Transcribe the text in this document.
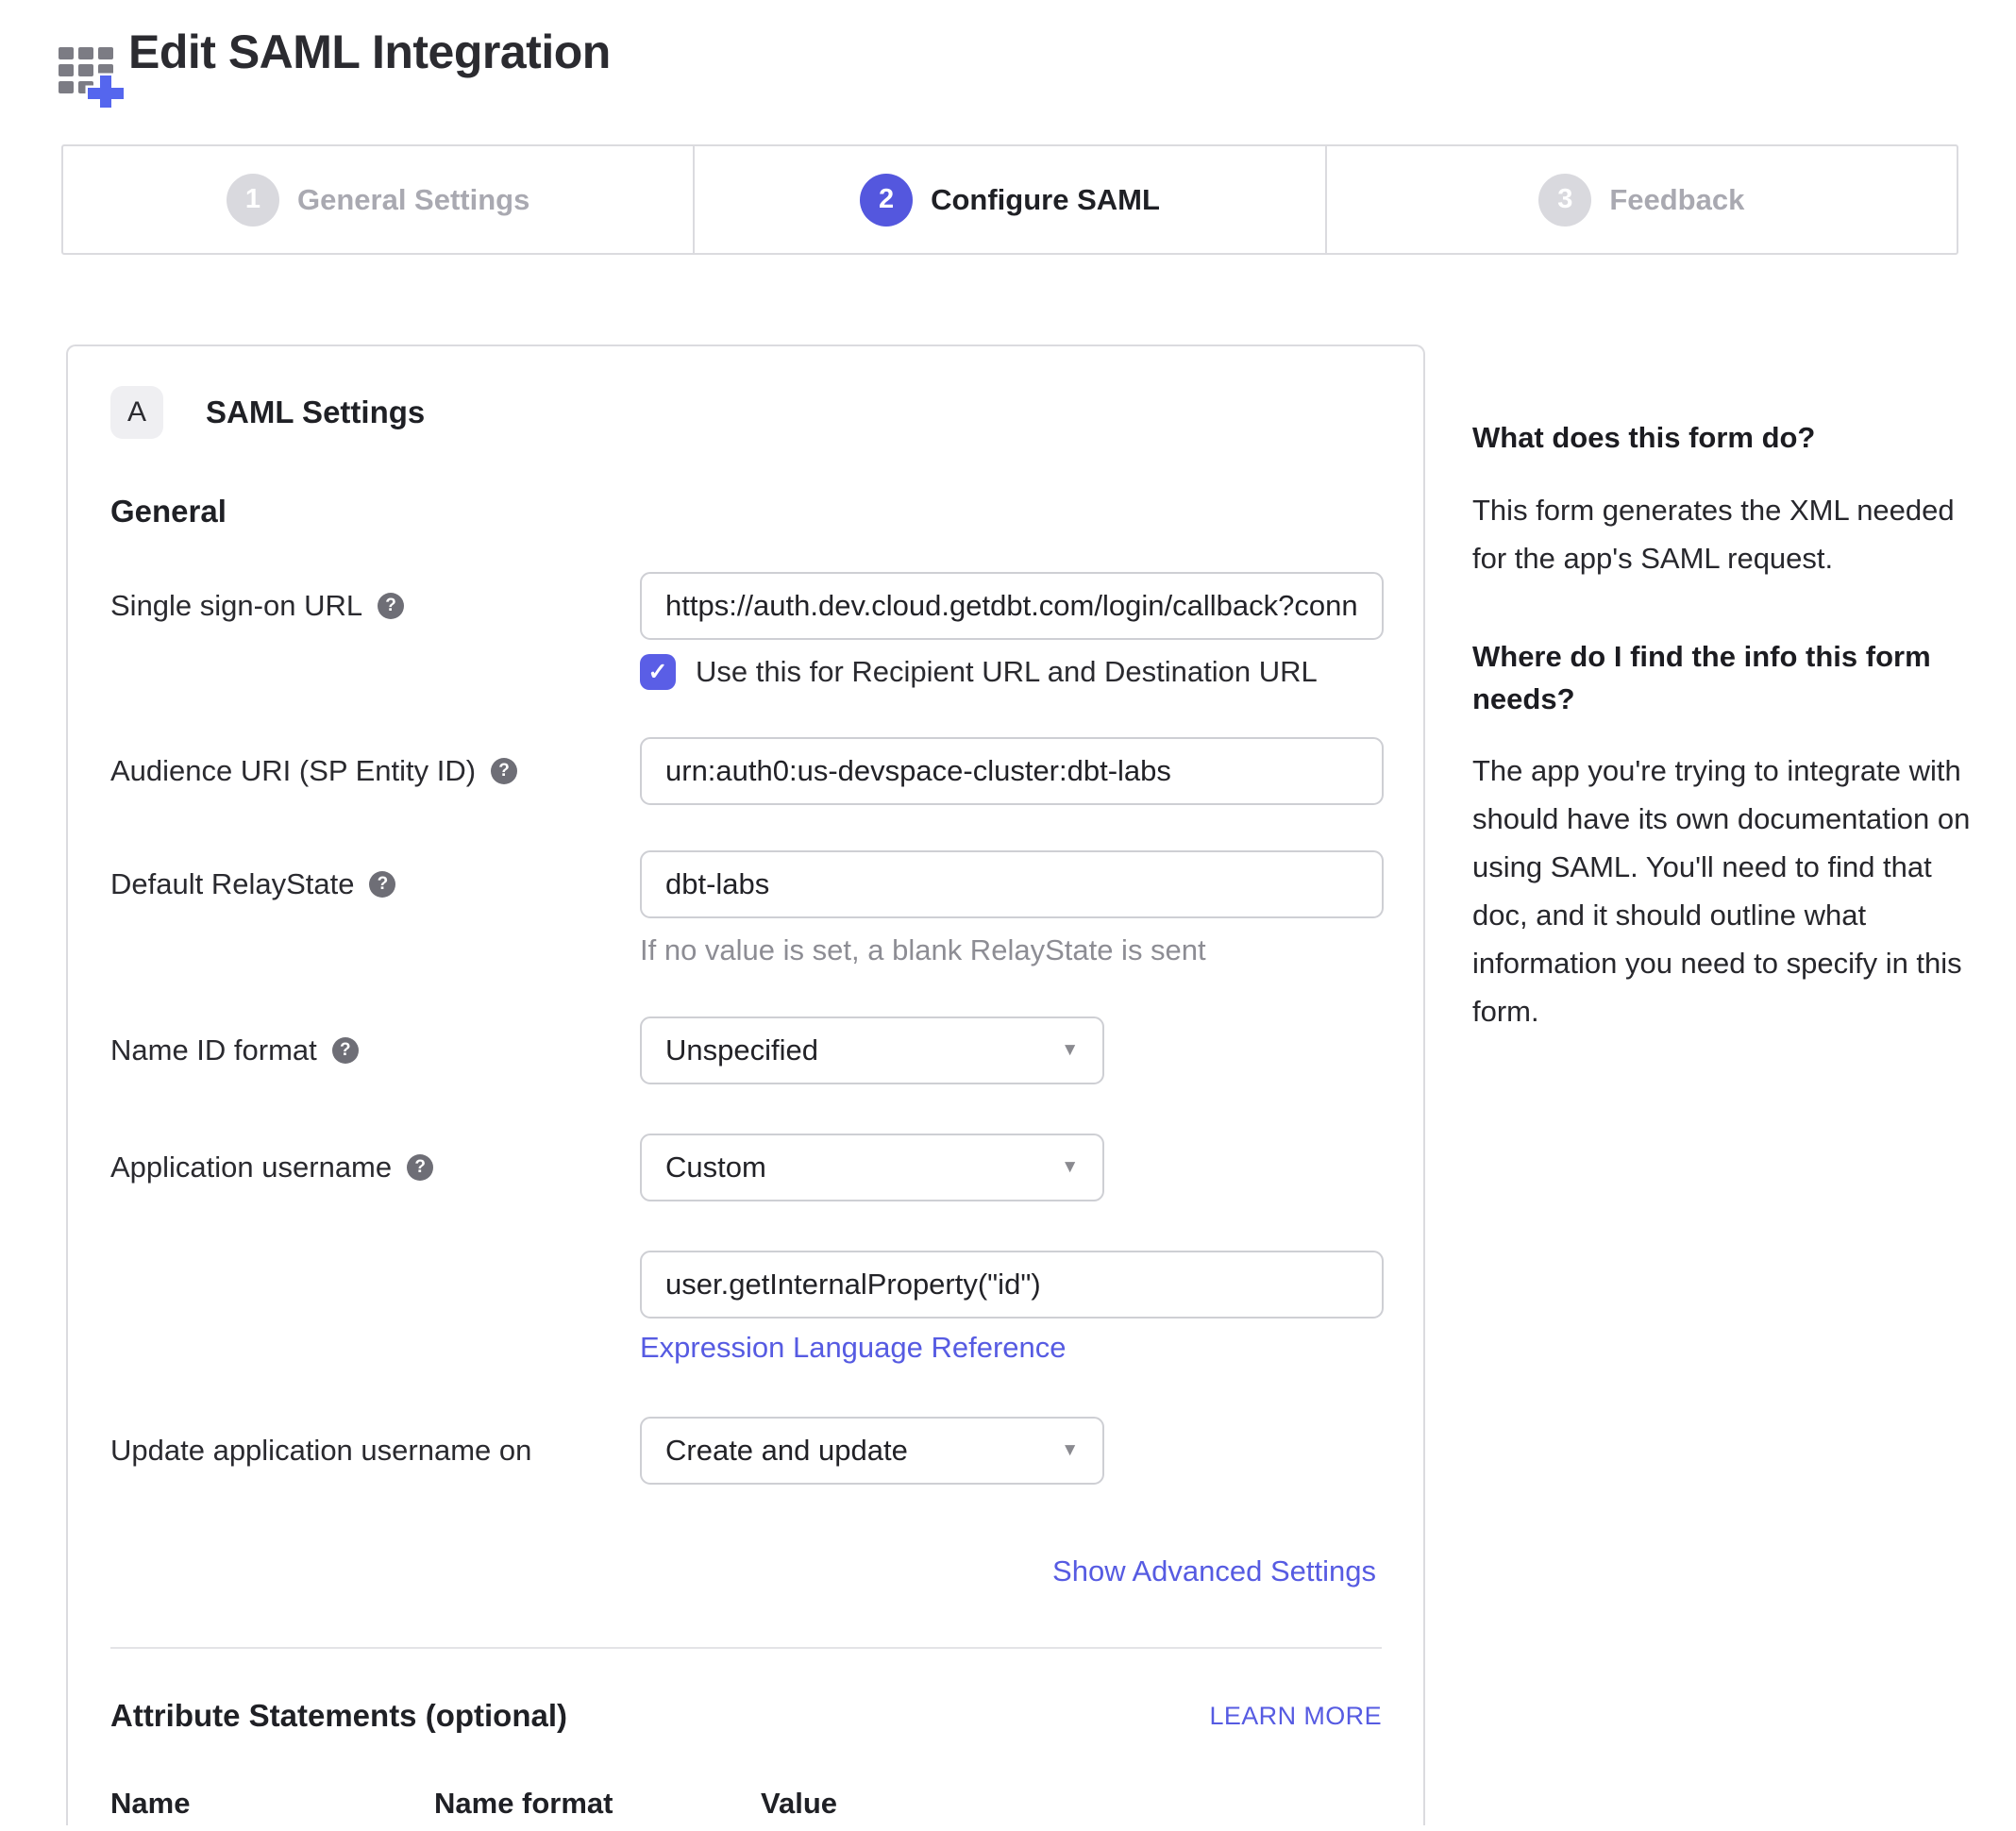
Edit SAML Integration
1	General Settings	2	Configure SAML	3	Feedback
A	SAML Settings
General
Single sign-on URL	?
https://auth.dev.cloud.getdbt.com/login/callback?conne
✓ Use this for Recipient URL and Destination URL
Audience URI (SP Entity ID)	?
urn:auth0:us-devspace-cluster:dbt-labs
Default RelayState	?
dbt-labs
If no value is set, a blank RelayState is sent
Name ID format	?	Unspecified	▼
Application username	?	Custom	▼
user.getInternalProperty("id")
Expression Language Reference
Update application username on	Create and update	▼
Show Advanced Settings
Attribute Statements (optional)	LEARN MORE
Name	Name format	Value
What does this form do?

This form generates the XML needed for the app's SAML request.

Where do I find the info this form needs?

The app you're trying to integrate with should have its own documentation on using SAML. You'll need to find that doc, and it should outline what information you need to specify in this form.
